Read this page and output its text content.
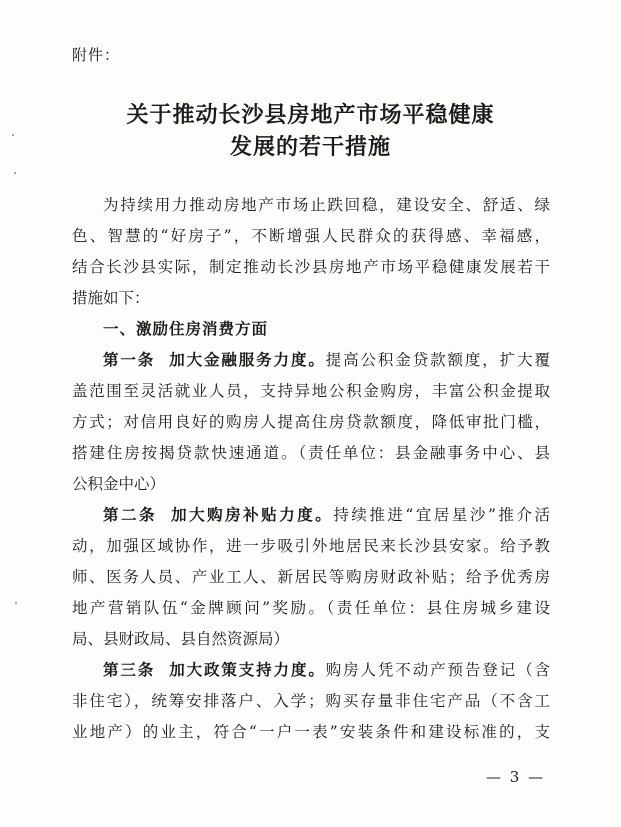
附件：
关于推动长沙县房地产市场平稳健康
发展的若干措施
为持续用力推动房地产市场止跌回稳，建设安全、舒适、绿
色、智慧的“好房子”，不断增强人民群众的获得感、幸福感，
结合长沙县实际，制定推动长沙县房地产市场平稳健康发展若干
措施如下：
一、激励住房消费方面
第一条 加大金融服务力度。提高公积金贷款额度，扩大覆
盖范围至灵活就业人员，支持异地公积金购房，丰富公积金提取
方式；对信用良好的购房人提高住房贷款额度，降低审批门槛，
搭建住房按揭贷款快速通道。（责任单位：县金融事务中心、县
公积金中心）
第二条 加大购房补贴力度。持续推进“宜居星沙”推介活
动，加强区域协作，进一步吸引外地居民来长沙县安家。给予教
师、医务人员、产业工人、新居民等购房财政补贴；给予优秀房
地产营销队伍“金牌顾问”奖励。（责任单位：县住房城乡建设
局、县财政局、县自然资源局）
第三条 加大政策支持力度。购房人凭不动产预告登记（含
非住宅），统筹安排落户、入学；购买存量非住宅产品（不含工
业地产）的业主，符合“一户一表”安装条件和建设标准的，支
— 3 —
